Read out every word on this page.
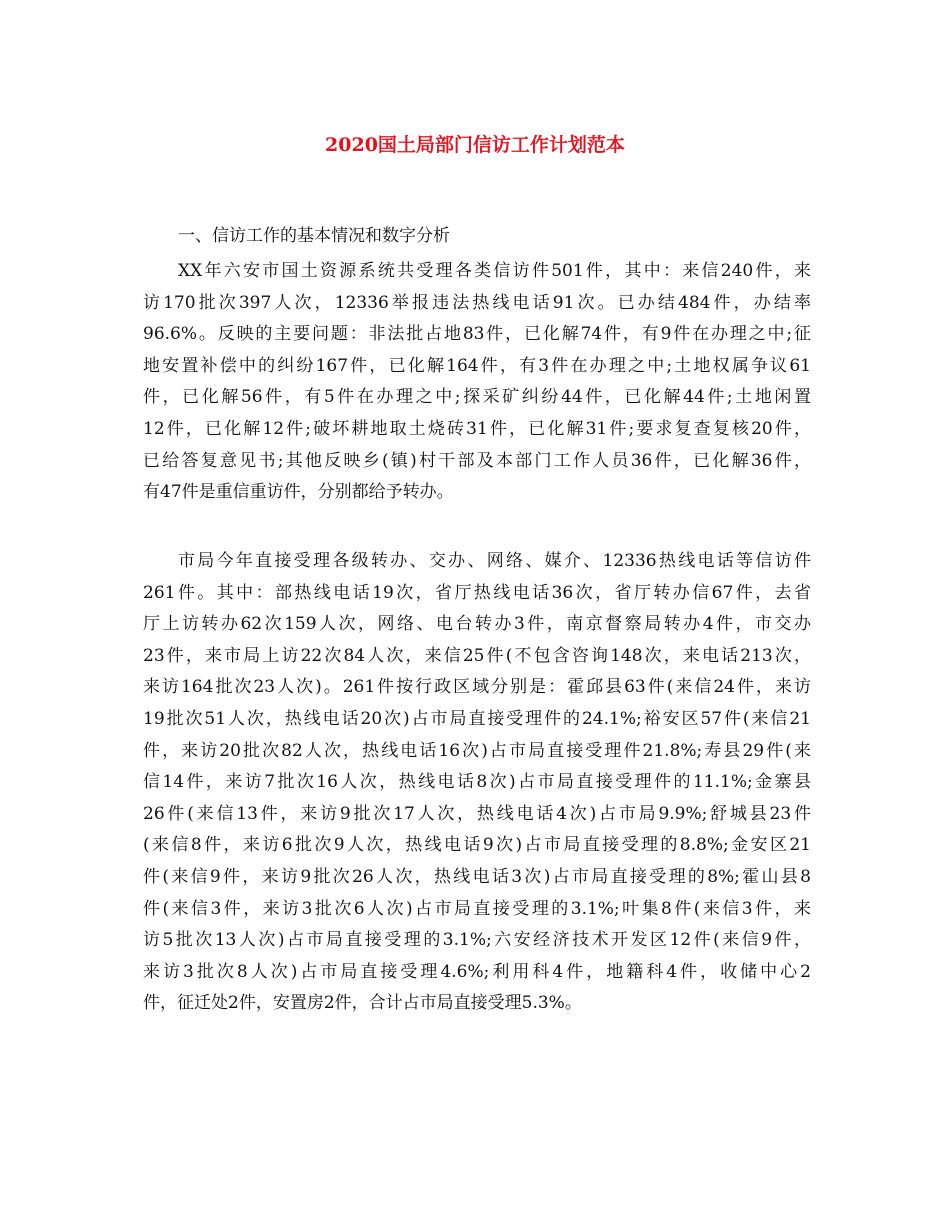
2020国土局部门信访工作计划范本

一、信访工作的基本情况和数字分析

XX年六安市国土资源系统共受理各类信访件501件，其中：来信240件，来
访170批次397人次，12336举报违法热线电话91次。已办结484件，办结率
96.6%。反映的主要问题：非法批占地83件，已化解74件，有9件在办理之中;征
地安置补偿中的纠纷167件，已化解164件，有3件在办理之中;土地权属争议61
件，已化解56件，有5件在办理之中;探采矿纠纷44件，已化解44件;土地闲置
12件，已化解12件;破坏耕地取土烧砖31件，已化解31件;要求复查复核20件，
已给答复意见书;其他反映乡(镇)村干部及本部门工作人员36件，已化解36件，
有47件是重信重访件，分别都给予转办。
市局今年直接受理各级转办、交办、网络、媒介、12336热线电话等信访件
261件。其中：部热线电话19次，省厅热线电话36次，省厅转办信67件，去省
厅上访转办62次159人次，网络、电台转办3件，南京督察局转办4件，市交办
23件，来市局上访22次84人次，来信25件(不包含咨询148次，来电话213次，
来访164批次23人次)。261件按行政区域分别是：霍邱县63件(来信24件，来访
19批次51人次，热线电话20次)占市局直接受理件的24.1%;裕安区57件(来信21
件，来访20批次82人次，热线电话16次)占市局直接受理件21.8%;寿县29件(来
信14件，来访7批次16人次，热线电话8次)占市局直接受理件的11.1%;金寨县
26件(来信13件，来访9批次17人次，热线电话4次)占市局9.9%;舒城县23件
(来信8件，来访6批次9人次，热线电话9次)占市局直接受理的8.8%;金安区21
件(来信9件，来访9批次26人次，热线电话3次)占市局直接受理的8%;霍山县8
件(来信3件，来访3批次6人次)占市局直接受理的3.1%;叶集8件(来信3件，来
访5批次13人次)占市局直接受理的3.1%;六安经济技术开发区12件(来信9件，
来访3批次8人次)占市局直接受理4.6%;利用科4件，地籍科4件，收储中心2
件，征迁处2件，安置房2件，合计占市局直接受理5.3%。
